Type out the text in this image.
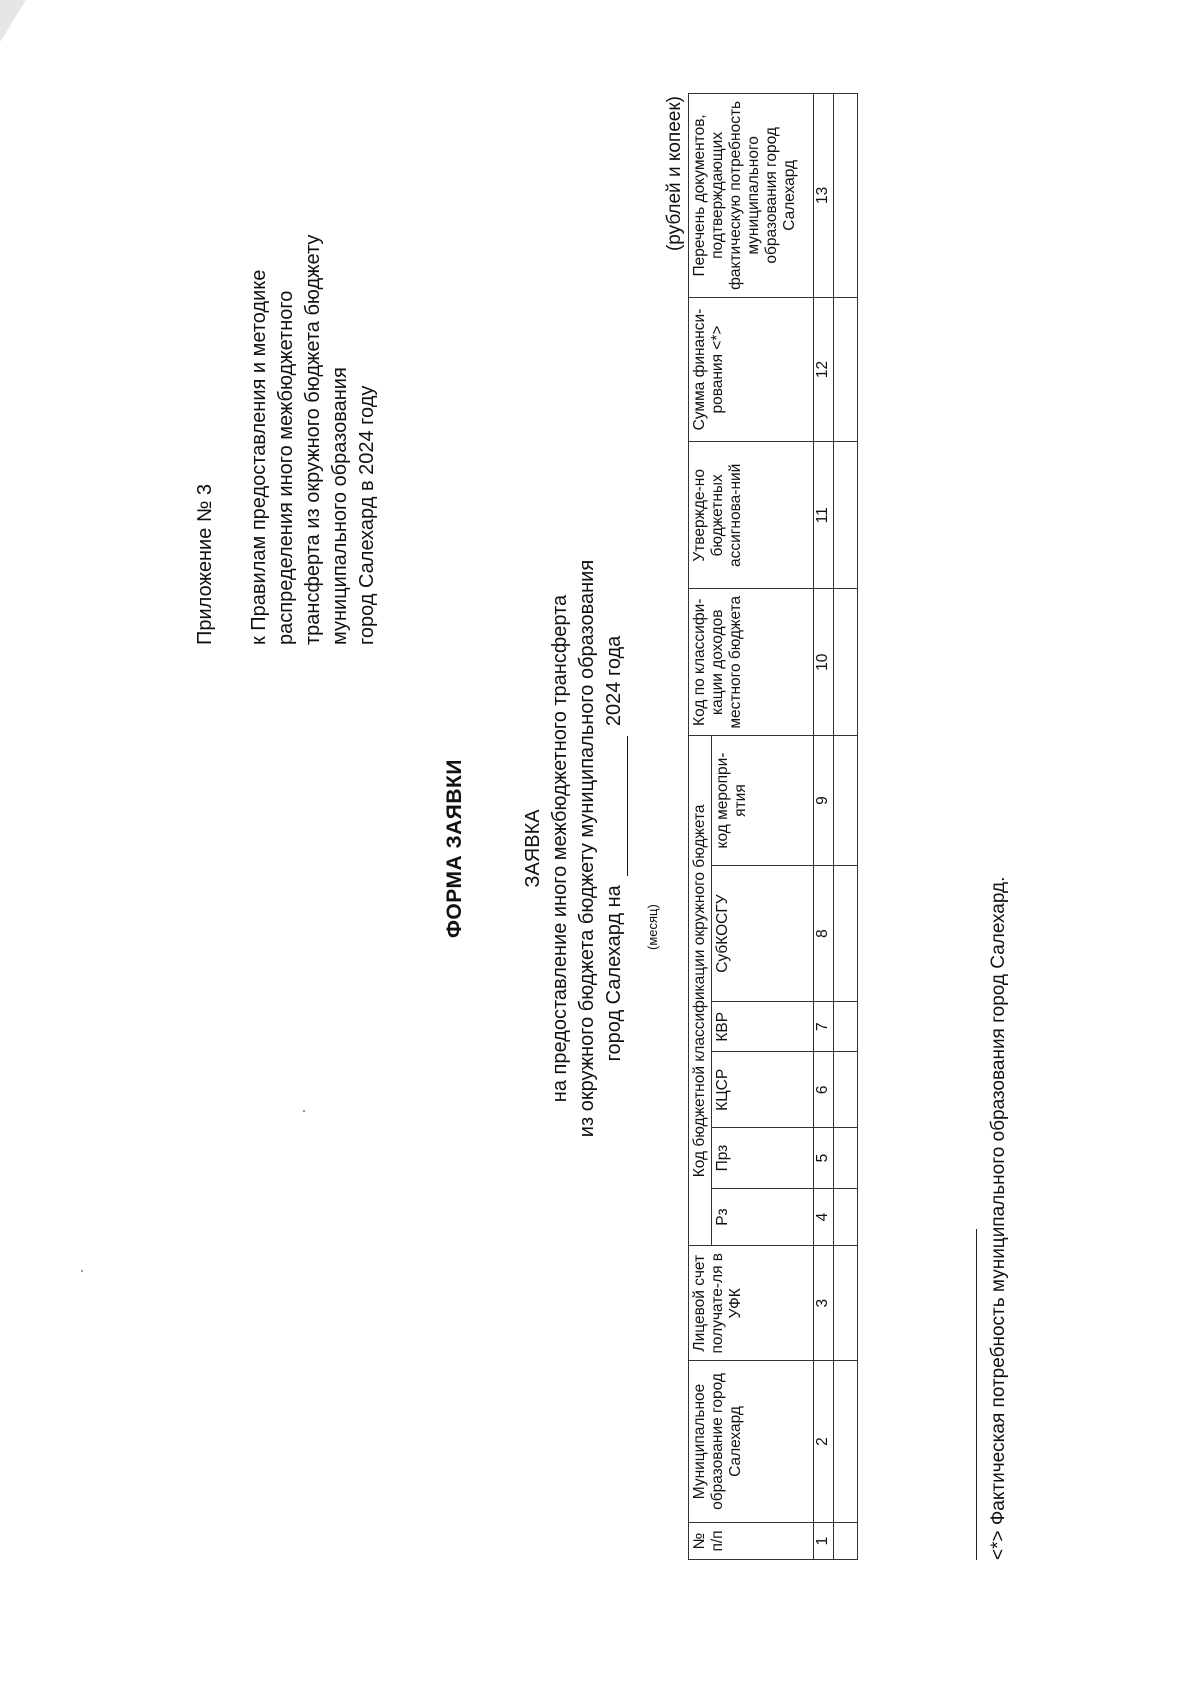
Приложение № 3 к Правилам предоставления и методике распределения иного межбюджетного трансферта из окружного бюджета бюджету муниципального образования город Салехард в 2024 году
ФОРМА ЗАЯВКИ	ЗАЯВКА на предоставление иного межбюджетного трансферта из окружного бюджета бюджету муниципального образования город Салехард на  2024 года
(месяц)
(рублей и копеек)
№ п/п	Муниципальное образование город Салехард	Лицевой счет получате-ля в УФК	Код бюджетной классификации окружного бюджета						Код по классифи-кации доходов местного бюджета	Утвержде-но бюджетных ассигнова-ний	Сумма финанси-рования <*>	Перечень документов, подтверждающих фактическую потребность муниципального образования город Салехард
			Рз	Прз	КЦСР	КВР	СубКОСГУ	код меропри-ятия				
1	2	3	4	5	6	7	8	9	10	11	12	13

<*> Фактическая потребность муниципального образования город Салехард.
